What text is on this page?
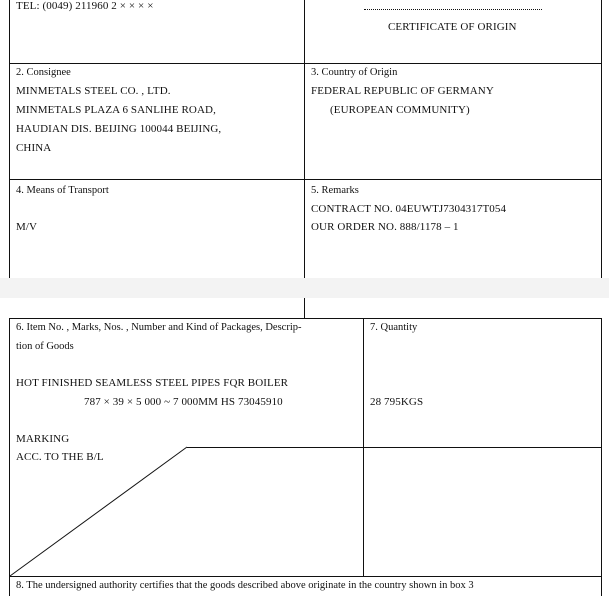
TEL: (0049) 211960 2 × × × ×
CERTIFICATE OF ORIGIN
2. Consignee
MINMETALS STEEL CO. , LTD.
MINMETALS PLAZA 6 SANLIHE ROAD,
HAUDIAN DIS. BEIJING 100044 BEIJING,
CHINA
3. Country of Origin
FEDERAL REPUBLIC OF GERMANY
(EUROPEAN COMMUNITY)
4. Means of Transport
M/V
5. Remarks
CONTRACT NO. 04EUWTJ7304317T054
OUR ORDER NO. 888/1178 – 1
6. Item No. , Marks, Nos. , Number and Kind of Packages, Descrip-
tion of Goods
HOT FINISHED SEAMLESS STEEL PIPES FQR BOILER
787 × 39 × 5 000 ~ 7 000MM HS 73045910
MARKING
ACC. TO THE B/L
7. Quantity
28 795KGS
8. The undersigned authority certifies that the goods described above originate in the country shown in box 3
